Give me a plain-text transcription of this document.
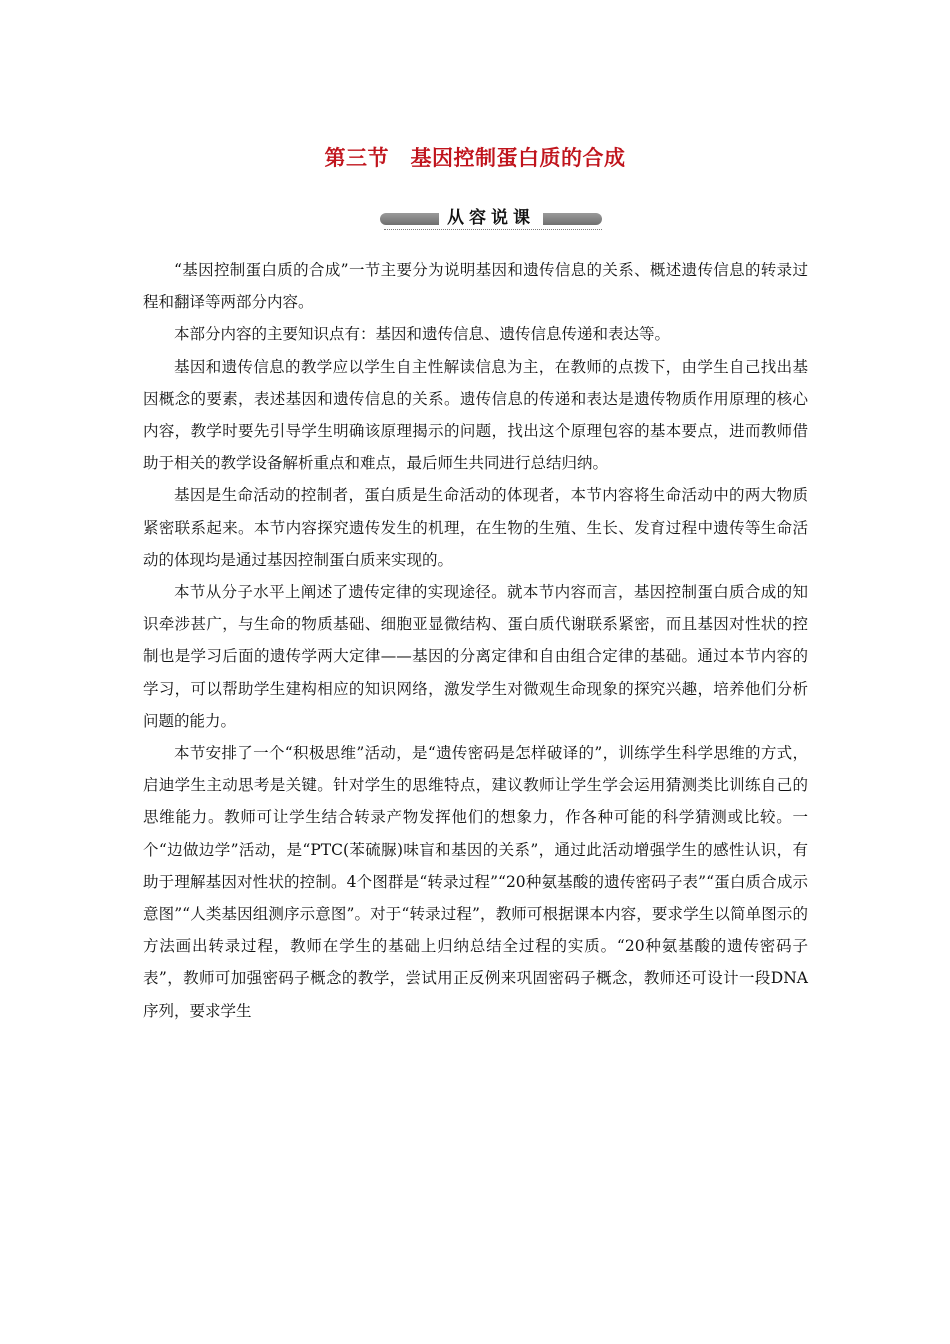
第三节　基因控制蛋白质的合成
从容说课

“基因控制蛋白质的合成”一节主要分为说明基因和遗传信息的关系、概述遗传信息的转录过程和翻译等两部分内容。

本部分内容的主要知识点有：基因和遗传信息、遗传信息传递和表达等。

基因和遗传信息的教学应以学生自主性解读信息为主，在教师的点拨下，由学生自己找出基因概念的要素，表述基因和遗传信息的关系。遗传信息的传递和表达是遗传物质作用原理的核心内容，教学时要先引导学生明确该原理揭示的问题，找出这个原理包容的基本要点，进而教师借助于相关的教学设备解析重点和难点，最后师生共同进行总结归纳。

基因是生命活动的控制者，蛋白质是生命活动的体现者，本节内容将生命活动中的两大物质紧密联系起来。本节内容探究遗传发生的机理，在生物的生殖、生长、发育过程中遗传等生命活动的体现均是通过基因控制蛋白质来实现的。

本节从分子水平上阐述了遗传定律的实现途径。就本节内容而言，基因控制蛋白质合成的知识牵涉甚广，与生命的物质基础、细胞亚显微结构、蛋白质代谢联系紧密，而且基因对性状的控制也是学习后面的遗传学两大定律——基因的分离定律和自由组合定律的基础。通过本节内容的学习，可以帮助学生建构相应的知识网络，激发学生对微观生命现象的探究兴趣，培养他们分析问题的能力。

本节安排了一个“积极思维”活动，是“遗传密码是怎样破译的”，训练学生科学思维的方式，启迪学生主动思考是关键。针对学生的思维特点，建议教师让学生学会运用猜测类比训练自己的思维能力。教师可让学生结合转录产物发挥他们的想象力，作各种可能的科学猜测或比较。一个“边做边学”活动，是“PTC(苯硫脲)味盲和基因的关系”，通过此活动增强学生的感性认识，有助于理解基因对性状的控制。4个图群是“转录过程”“20种氨基酸的遗传密码子表”“蛋白质合成示意图”“人类基因组测序示意图”。对于“转录过程”，教师可根据课本内容，要求学生以简单图示的方法画出转录过程，教师在学生的基础上归纳总结全过程的实质。“20种氨基酸的遗传密码子表”，教师可加强密码子概念的教学，尝试用正反例来巩固密码子概念，教师还可设计一段DNA序列，要求学生
